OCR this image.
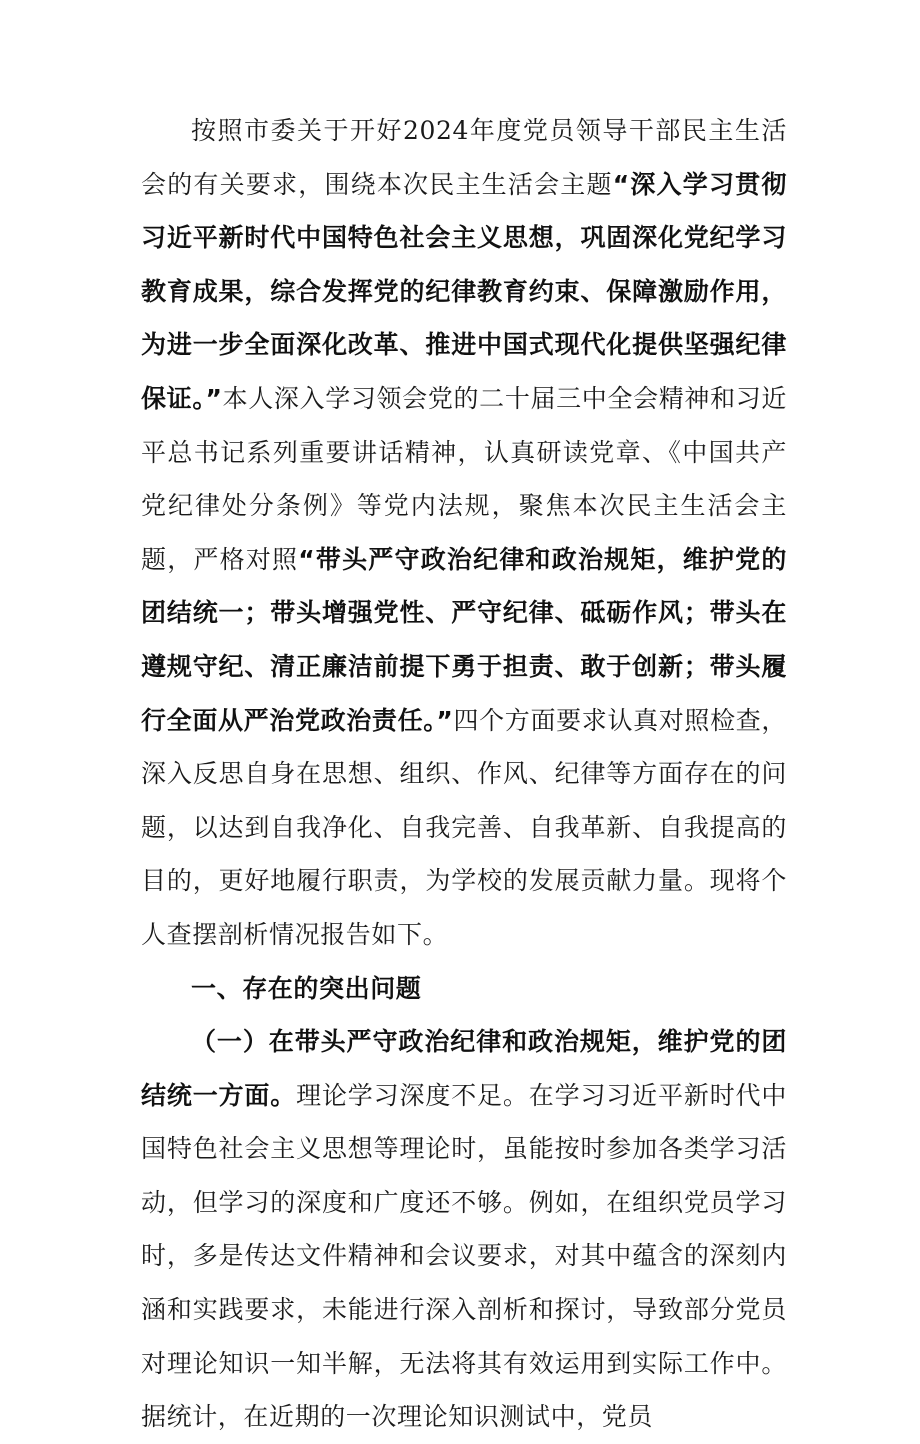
按照市委关于开好2024年度党员领导干部民主生活会的有关要求，围绕本次民主生活会主题“深入学习贯彻习近平新时代中国特色社会主义思想，巩固深化党纪学习教育成果，综合发挥党的纪律教育约束、保障激励作用，为进一步全面深化改革、推进中国式现代化提供坚强纪律保证。”本人深入学习领会党的二十届三中全会精神和习近平总书记系列重要讲话精神，认真研读党章、《中国共产党纪律处分条例》等党内法规，聚焦本次民主生活会主题，严格对照“带头严守政治纪律和政治规矩，维护党的团结统一；带头增强党性、严守纪律、砥砺作风；带头在遵规守纪、清正廉洁前提下勇于担责、敢于创新；带头履行全面从严治党政治责任。”四个方面要求认真对照检查，深入反思自身在思想、组织、作风、纪律等方面存在的问题，以达到自我净化、自我完善、自我革新、自我提高的目的，更好地履行职责，为学校的发展贡献力量。现将个人查摆剖析情况报告如下。

一、存在的突出问题

（一）在带头严守政治纪律和政治规矩，维护党的团结统一方面。理论学习深度不足。在学习习近平新时代中国特色社会主义思想等理论时，虽能按时参加各类学习活动，但学习的深度和广度还不够。例如，在组织党员学习时，多是传达文件精神和会议要求，对其中蕴含的深刻内涵和实践要求，未能进行深入剖析和探讨，导致部分党员对理论知识一知半解，无法将其有效运用到实际工作中。据统计，在近期的一次理论知识测试中，党员
